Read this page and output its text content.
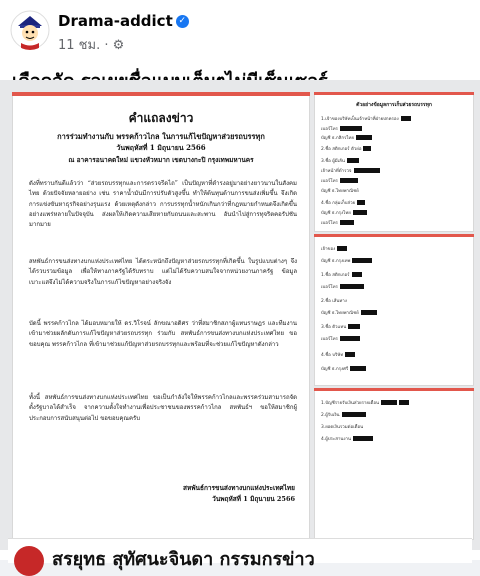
Drama-addict ✓
11 ชม. · ⚙
คำแถลงข่าว
การร่วมทำงานกับ พรรคก้าวไกล ในการแก้ไขปัญหาส่วยรถบรรทุก
วันพฤหัสที่ 1 มิถุนายน 2566
ณ อาคารอนาคตใหม่ แขวงหัวหมาก เขตบางกะปิ กรุงเทพมหานคร
ดังที่ทราบกันดีแล้วว่า “ส่วยรถบรรทุกและการตรวจรีดไถ” เป็นปัญหาที่ดำรงอยู่มาอย่างยาวนานในสังคมไทย ด้วยปัจจัยหลายอย่าง เช่น ราคาน้ำมันมีการปรับตัวสูงขึ้น ทำให้ต้นทุนด้านการขนส่งเพิ่มขึ้น จึงเกิดการแข่งขันหาธุรกิจอย่างรุนแรง ด้วยเหตุดังกล่าว การบรรทุกน้ำหนักเกินกว่าที่กฎหมายกำหนดจึงเกิดขึ้นอย่างแพร่หลายในปัจจุบัน ส่งผลให้เกิดความเสียหายกับถนนและสะพาน อันนำไปสู่การทุจริตคอรัปชันมากมาย
สหพันธ์การขนส่งทางบกแห่งประเทศไทย ได้ตระหนักถึงปัญหาส่วยรถบรรทุกที่เกิดขึ้น ในรูปแบบต่างๆ จึงได้รวบรวมข้อมูล เพื่อให้ทางภาครัฐได้รับทราบ แต่ไม่ได้รับความสนใจจากหน่วยงานภาครัฐ ข้อมูลเบาะแสจึงไม่ได้ความจริงในการแก้ไขปัญหาอย่างจริงจัง
บัดนี้ พรรคก้าวไกล ได้มอบหมายให้ ดร.วิโรจน์ ลักขณาอดิศร ว่าที่สมาชิกสภาผู้แทนราษฎร และทีมงานเข้ามาช่วยผลักดันการแก้ไขปัญหาส่วยรถบรรทุก ร่วมกับ สหพันธ์การขนส่งทางบกแห่งประเทศไทย ขอขอบคุณ พรรคก้าวไกล ที่เข้ามาช่วยแก้ปัญหาส่วยรถบรรทุกและพร้อมที่จะช่วยแก้ไขปัญหาดังกล่าว
ทั้งนี้ สหพันธ์การขนส่งทางบกแห่งประเทศไทย ขอเป็นกำลังใจให้พรรคก้าวไกลและพรรคร่วมสามารถจัดตั้งรัฐบาลได้สำเร็จ จากความตั้งใจทำงานเพื่อประชาชนของพรรคก้าวไกล สหพันธ์ฯ ขอให้สมาชิกผู้ประกอบการสนับสนุนต่อไป ขอขอบคุณครับ
สหพันธ์การขนส่งทางบกแห่งประเทศไทย
วันพฤหัสที่ 1 มิถุนายน 2566
ตัวอย่างข้อมูลการเก็บส่วยรถบรรทุก
1.เจ้าของบริษัทเป็นเจ้าหน้าที่ฝ่ายปกครอง
เบอร์โทร
บัญชี ธ.กสิกรไทย
2.ชื่อ สติกเกอร์ ตัวย่อ
3.ชื่อ ผู้มีเส้น
เจ้าหน้าที่ตำรวจ
เบอร์โทร
บัญชี ธ.ไทยพาณิชย์
4.ชื่อ กลุ่มเก็บส่วย
บัญชี ธ.กรุงไทย
เบอร์โทร
เจ้าของ
บัญชี ธ.กรุงเทพ
1.ชื่อ สติกเกอร์
เบอร์โทร
2.ชื่อ เส้นทาง
บัญชี ธ.ไทยพาณิชย์
3.ชื่อ ตัวแทน
เบอร์โทร
4.ชื่อ บริษัท
บัญชี ธ.กรุงศรี
1.บัญชีรายรับเงินส่วยรายเดือน
2.ผู้รับเงิน
3.ยอดเงินรวมต่อเดือน
4.ผู้ประสานงาน
สรยุทธ สุทัศนะจินดา กรรมกรข่าว
